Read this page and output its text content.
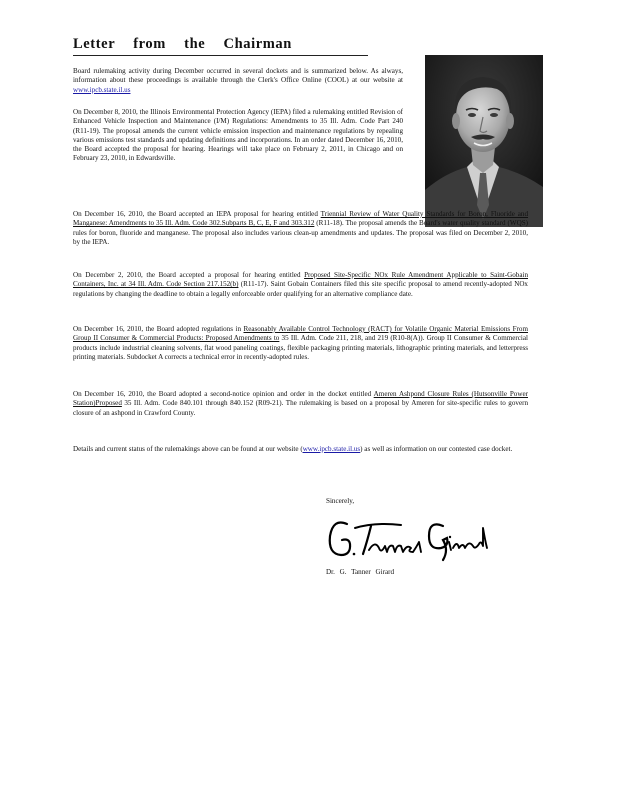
Letter from the Chairman

Board rulemaking activity during December occurred in several dockets and is summarized below. As always, information about these proceedings is available through the Clerk's Office Online (COOL) at our website at www.ipcb.state.il.us

On December 8, 2010, the Illinois Environmental Protection Agency (IEPA) filed a rulemaking entitled Revision of Enhanced Vehicle Inspection and Maintenance (I/M) Regulations: Amendments to 35 Ill. Adm. Code Part 240 (R11-19). The proposal amends the current vehicle emission inspection and maintenance regulations by repealing various emissions test standards and updating definitions and incorporations. In an order dated December 16, 2010, the Board accepted the proposal for hearing. Hearings will take place on February 2, 2011, in Chicago and on February 23, 2010, in Edwardsville.

On December 16, 2010, the Board accepted an IEPA proposal for hearing entitled Triennial Review of Water Quality Standards for Boron, Fluoride and Manganese: Amendments to 35 Ill. Adm. Code 302.Subparts B, C, E, F and 303.312 (R11-18). The proposal amends the Board's water quality standard (WQS) rules for boron, fluoride and manganese. The proposal also includes various clean-up amendments and updates. The proposal was filed on December 2, 2010, by the IEPA.

On December 2, 2010, the Board accepted a proposal for hearing entitled Proposed Site-Specific NOx Rule Amendment Applicable to Saint-Gobain Containers, Inc. at 34 Ill. Adm. Code Section 217.152(b) (R11-17). Saint Gobain Containers filed this site specific proposal to amend recently-adopted NOx regulations by changing the deadline to obtain a legally enforceable order qualifying for an alternative compliance date.

On December 16, 2010, the Board adopted regulations in Reasonably Available Control Technology (RACT) for Volatile Organic Material Emissions From Group II Consumer & Commercial Products: Proposed Amendments to 35 Ill. Adm. Code 211, 218, and 219 (R10-8(A)). Group II Consumer & Commercial products include industrial cleaning solvents, flat wood paneling coatings, flexible packaging printing materials, lithographic printing materials, and letterpress printing materials. Subdocket A corrects a technical error in recently-adopted rules.

On December 16, 2010, the Board adopted a second-notice opinion and order in the docket entitled Ameren Ashpond Closure Rules (Hutsonville Power Station)Proposed 35 Ill. Adm. Code 840.101 through 840.152 (R09-21). The rulemaking is based on a proposal by Ameren for site-specific rules to govern closure of an ashpond in Crawford County.

Details and current status of the rulemakings above can be found at our website (www.ipcb.state.il.us) as well as information on our contested case docket.

Sincerely,
Dr. G. Tanner Girard
